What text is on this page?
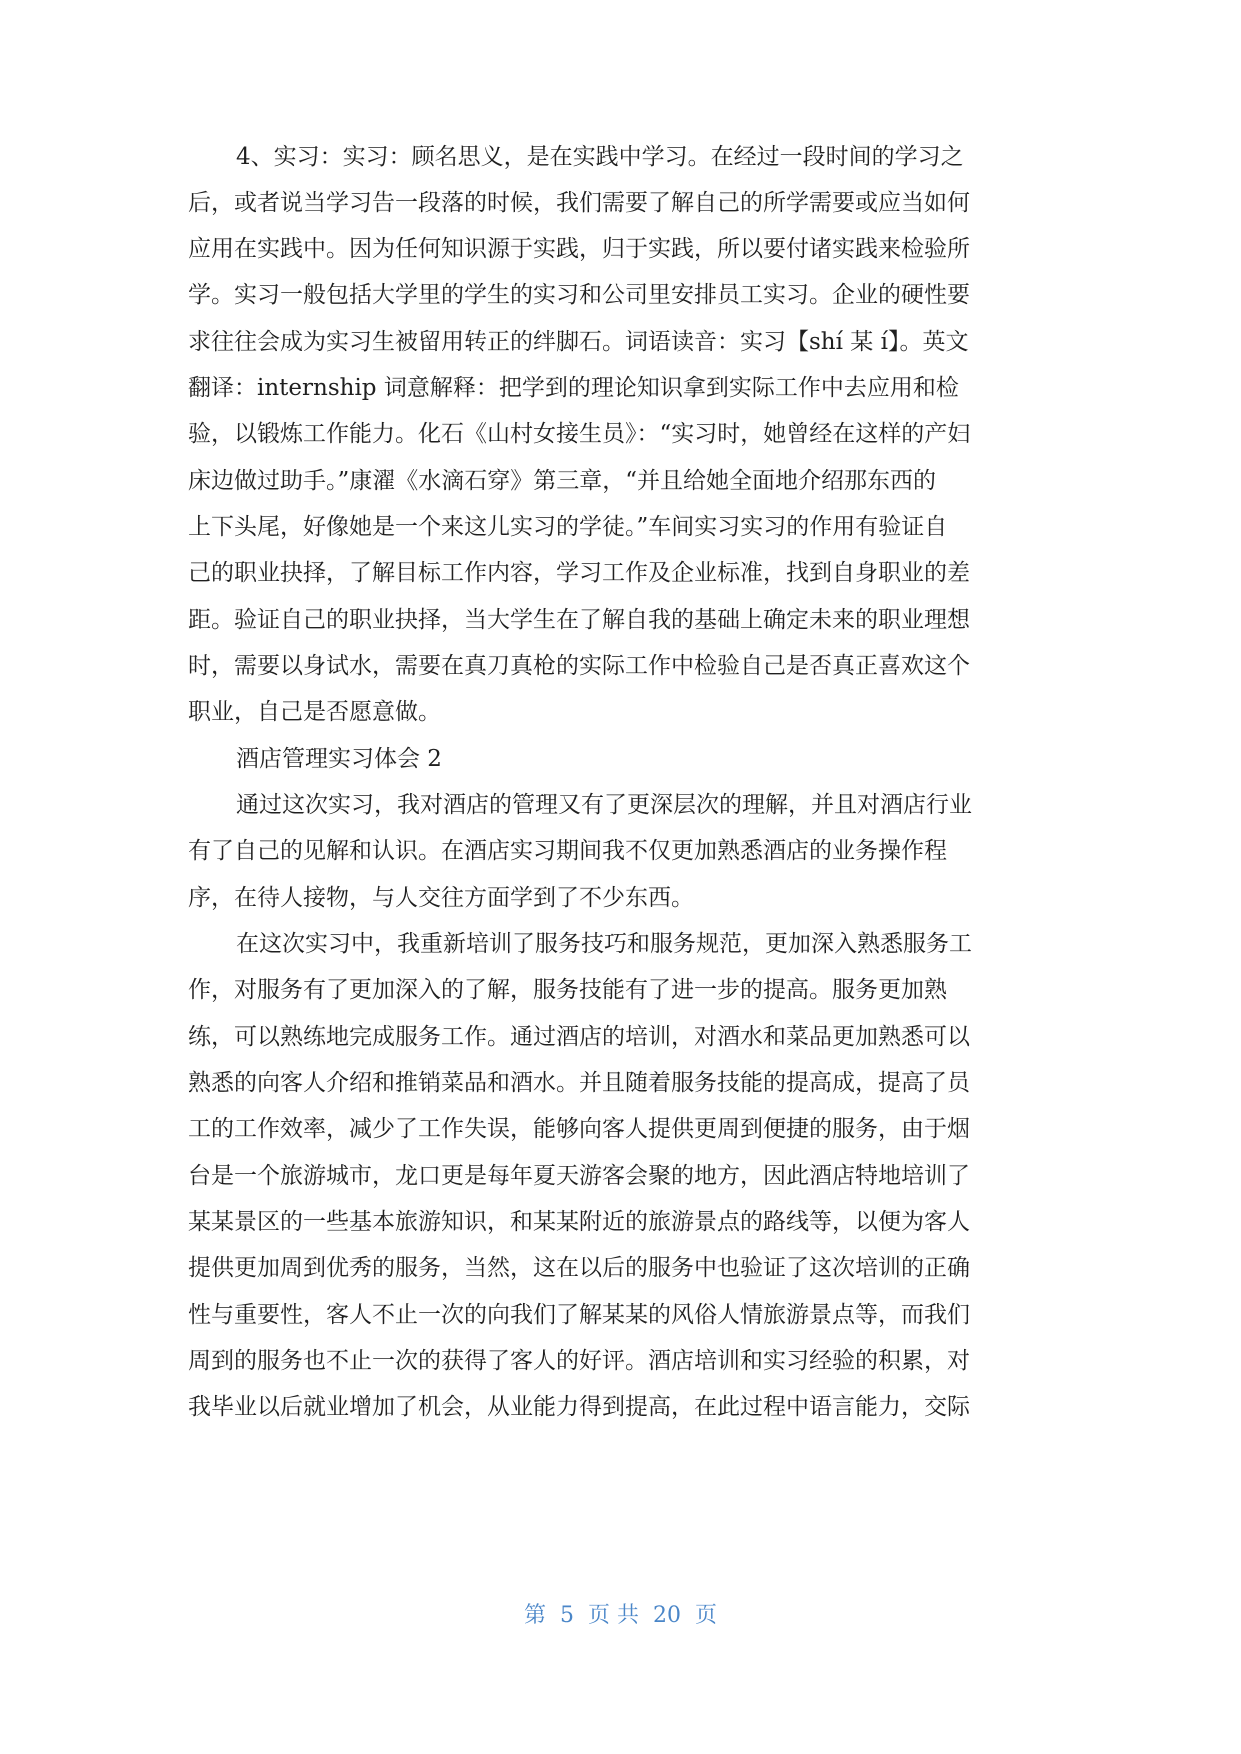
4、实习：实习：顾名思义，是在实践中学习。在经过一段时间的学习之
后，或者说当学习告一段落的时候，我们需要了解自己的所学需要或应当如何
应用在实践中。因为任何知识源于实践，归于实践，所以要付诸实践来检验所
学。实习一般包括大学里的学生的实习和公司里安排员工实习。企业的硬性要
求往往会成为实习生被留用转正的绊脚石。词语读音：实习【shí 某 í】。英文
翻译：internship 词意解释：把学到的理论知识拿到实际工作中去应用和检
验，以锻炼工作能力。化石《山村女接生员》：“实习时，她曾经在这样的产妇
床边做过助手。”康濯《水滴石穿》第三章，“并且给她全面地介绍那东西的
上下头尾，好像她是一个来这儿实习的学徒。”车间实习实习的作用有验证自
己的职业抉择，了解目标工作内容，学习工作及企业标准，找到自身职业的差
距。验证自己的职业抉择，当大学生在了解自我的基础上确定未来的职业理想
时，需要以身试水，需要在真刀真枪的实际工作中检验自己是否真正喜欢这个
职业，自己是否愿意做。
酒店管理实习体会 2
通过这次实习，我对酒店的管理又有了更深层次的理解，并且对酒店行业
有了自己的见解和认识。在酒店实习期间我不仅更加熟悉酒店的业务操作程
序，在待人接物，与人交往方面学到了不少东西。
在这次实习中，我重新培训了服务技巧和服务规范，更加深入熟悉服务工
作，对服务有了更加深入的了解，服务技能有了进一步的提高。服务更加熟
练，可以熟练地完成服务工作。通过酒店的培训，对酒水和菜品更加熟悉可以
熟悉的向客人介绍和推销菜品和酒水。并且随着服务技能的提高成，提高了员
工的工作效率，减少了工作失误，能够向客人提供更周到便捷的服务，由于烟
台是一个旅游城市，龙口更是每年夏天游客会聚的地方，因此酒店特地培训了
某某景区的一些基本旅游知识，和某某附近的旅游景点的路线等，以便为客人
提供更加周到优秀的服务，当然，这在以后的服务中也验证了这次培训的正确
性与重要性，客人不止一次的向我们了解某某的风俗人情旅游景点等，而我们
周到的服务也不止一次的获得了客人的好评。酒店培训和实习经验的积累，对
我毕业以后就业增加了机会，从业能力得到提高，在此过程中语言能力，交际
第 5 页 共 20 页
